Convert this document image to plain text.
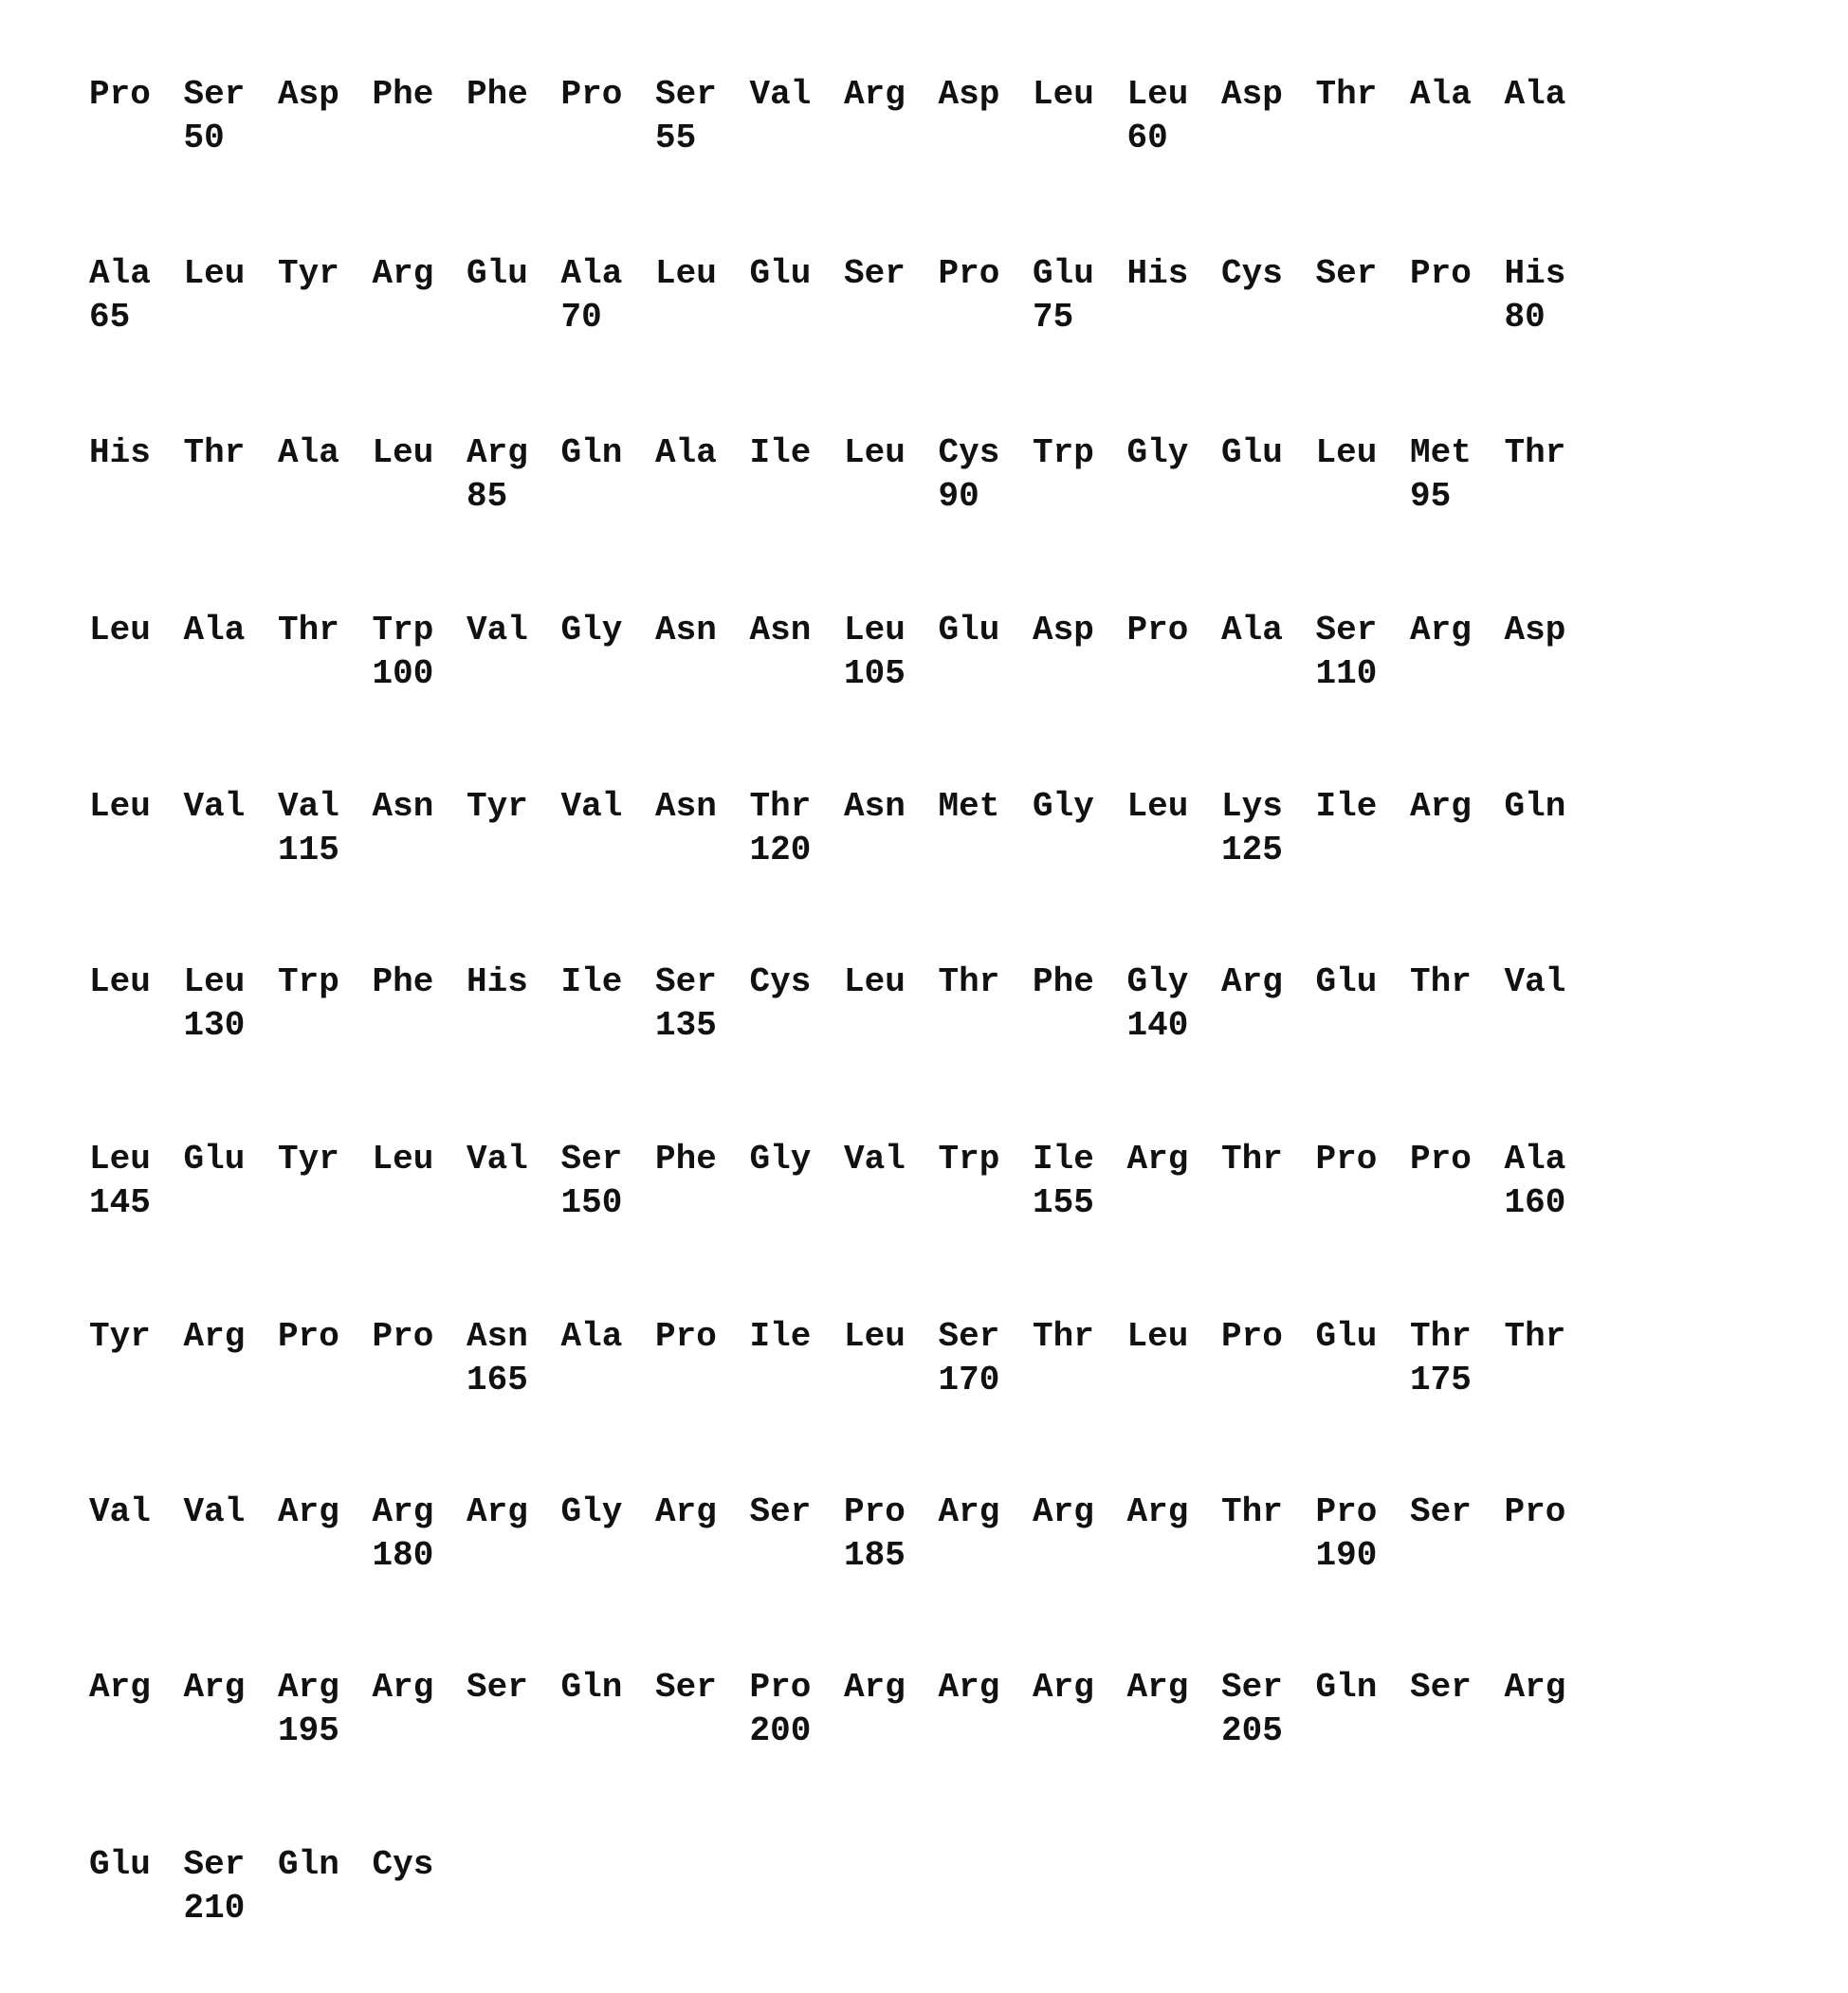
Pro Ser Asp Phe Phe Pro Ser Val Arg Asp Leu Leu Asp Thr Ala Ala
50	55	60
Ala Leu Tyr Arg Glu Ala Leu Glu Ser Pro Glu His Cys Ser Pro His
65	70	75	80
His Thr Ala Leu Arg Gln Ala Ile Leu Cys Trp Gly Glu Leu Met Thr
85	90	95
Leu Ala Thr Trp Val Gly Asn Asn Leu Glu Asp Pro Ala Ser Arg Asp
100	105	110
Leu Val Val Asn Tyr Val Asn Thr Asn Met Gly Leu Lys Ile Arg Gln
115	120	125
Leu Leu Trp Phe His Ile Ser Cys Leu Thr Phe Gly Arg Glu Thr Val
130	135	140
Leu Glu Tyr Leu Val Ser Phe Gly Val Trp Ile Arg Thr Pro Pro Ala
145	150	155	160
Tyr Arg Pro Pro Asn Ala Pro Ile Leu Ser Thr Leu Pro Glu Thr Thr
165	170	175
Val Val Arg Arg Arg Gly Arg Ser Pro Arg Arg Arg Thr Pro Ser Pro
180	185	190
Arg Arg Arg Arg Ser Gln Ser Pro Arg Arg Arg Arg Ser Gln Ser Arg
195	200	205
Glu Ser Gln Cys
210
